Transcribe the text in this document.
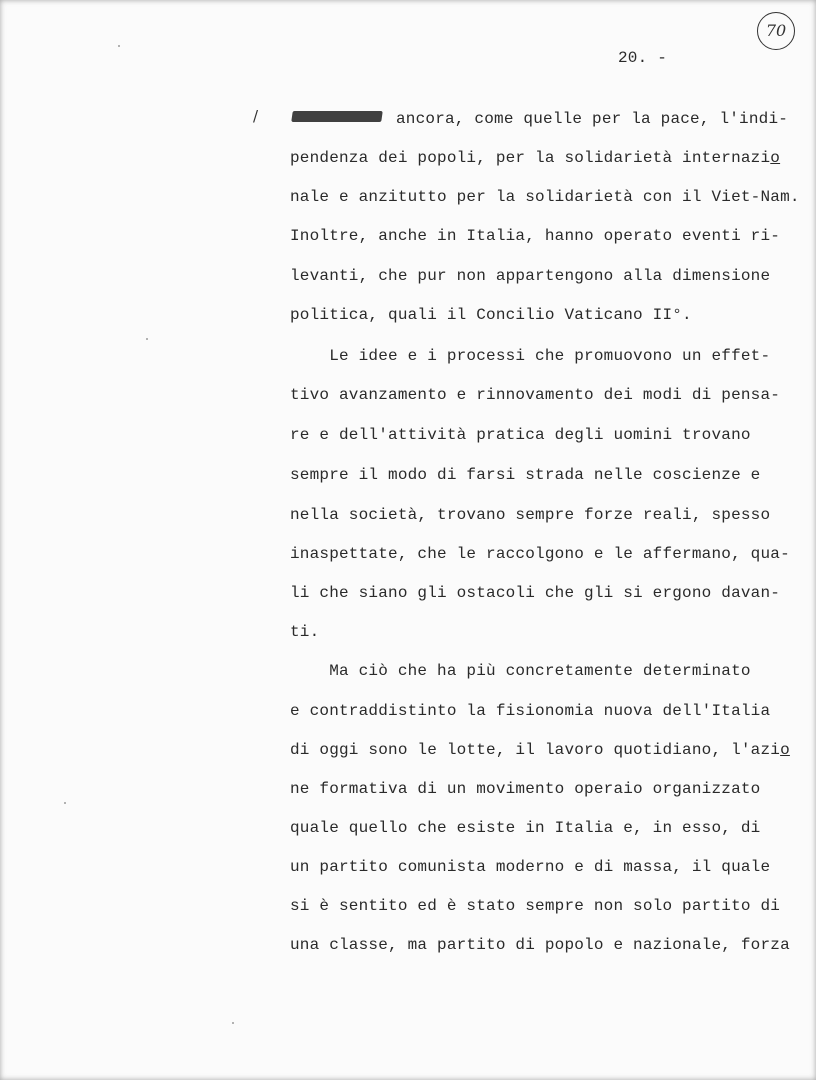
70
20. -
/	ancora, come quelle per la pace, l'indi-
pendenza dei popoli, per la solidarietà internazio
nale e anzitutto per la solidarietà con il Viet-Nam.
Inoltre, anche in Italia, hanno operato eventi ri-
levanti, che pur non appartengono alla dimensione
politica, quali il Concilio Vaticano II°.
Le idee e i processi che promuovono un effet-
tivo avanzamento e rinnovamento dei modi di pensa-
re e dell'attività pratica degli uomini trovano
sempre il modo di farsi strada nelle coscienze e
nella società, trovano sempre forze reali, spesso
inaspettate, che le raccolgono e le affermano, qua-
li che siano gli ostacoli che gli si ergono davan-
ti.
Ma ciò che ha più concretamente determinato
e contraddistinto la fisionomia nuova dell'Italia
di oggi sono le lotte, il lavoro quotidiano, l'azio
ne formativa di un movimento operaio organizzato
quale quello che esiste in Italia e, in esso, di
un partito comunista moderno e di massa, il quale
si è sentito ed è stato sempre non solo partito di
una classe, ma partito di popolo e nazionale, forza
